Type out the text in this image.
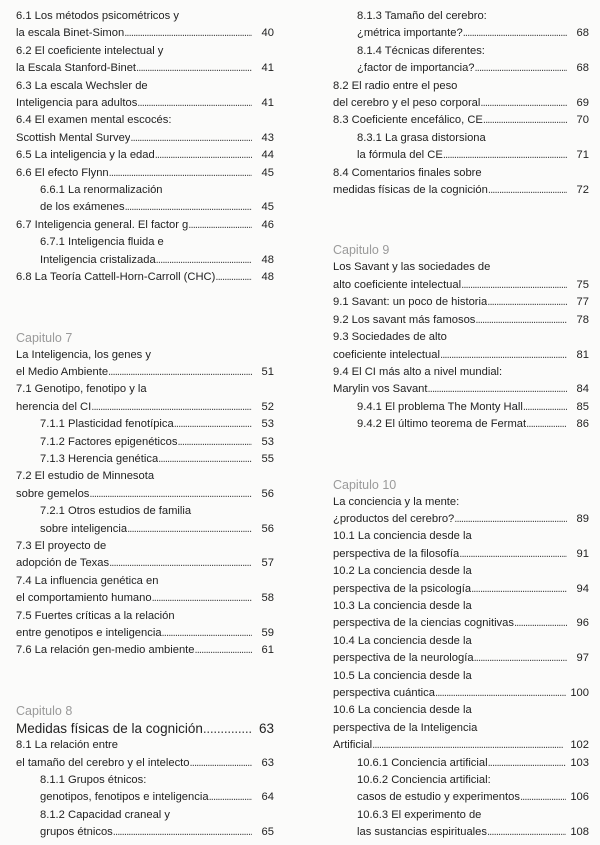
6.1 Los métodos psicométricos y
la escala Binet-Simon . . .	40
6.2 El coeficiente intelectual y
la Escala Stanford-Binet . . .	41
6.3 La escala Wechsler de
Inteligencia para adultos . . .	41
6.4 El examen mental escocés:
Scottish Mental Survey . . .	43
6.5 La inteligencia y la edad . . .	44
6.6 El efecto Flynn . . .	45
6.6.1 La renormalización
de los exámenes . . .	45
6.7 Inteligencia general. El factor g . . .	46
6.7.1 Inteligencia fluida e
Inteligencia cristalizada . . .	48
6.8 La Teoría Cattell-Horn-Carroll (CHC) . . .	48
Capitulo 7
La Inteligencia, los genes y
el Medio Ambiente . . .	51
7.1 Genotipo, fenotipo y la
herencia del CI . . .	52
7.1.1 Plasticidad fenotípica . . .	53
7.1.2 Factores epigenéticos . . .	53
7.1.3 Herencia genética . . .	55
7.2 El estudio de Minnesota
sobre gemelos . . .	56
7.2.1 Otros estudios de familia
sobre inteligencia . . .	56
7.3 El proyecto de
adopción de Texas . . .	57
7.4 La influencia genética en
el comportamiento humano . . .	58
7.5 Fuertes críticas a la relación
entre genotipos e inteligencia . . .	59
7.6 La relación gen-medio ambiente . . .	61
Capitulo 8
Medidas físicas de la cognición . . .	63
8.1 La relación entre
el tamaño del cerebro y el intelecto . . .	63
8.1.1 Grupos étnicos:
genotipos, fenotipos e inteligencia . . .	64
8.1.2 Capacidad craneal y
grupos étnicos . . .	65
8.1.3 Tamaño del cerebro:
¿métrica importante? . . .	68
8.1.4 Técnicas diferentes:
¿factor de importancia? . . .	68
8.2 El radio entre el peso
del cerebro y el peso corporal . . .	69
8.3 Coeficiente encefálico, CE . . .	70
8.3.1 La grasa distorsiona
la fórmula del CE . . .	71
8.4 Comentarios finales sobre
medidas físicas de la cognición . . .	72
Capitulo 9
Los Savant y las sociedades de
alto coeficiente intelectual . . .	75
9.1 Savant: un poco de historia . . .	77
9.2 Los savant más famosos . . .	78
9.3 Sociedades de alto
coeficiente intelectual . . .	81
9.4 El CI más alto a nivel mundial:
Marylin vos Savant . . .	84
9.4.1 El problema The Monty Hall . . .	85
9.4.2 El último teorema de Fermat . . .	86
Capitulo 10
La conciencia y la mente:
¿productos del cerebro? . . .	89
10.1 La conciencia desde la
perspectiva de la filosofía . . .	91
10.2 La conciencia desde la
perspectiva de la psicología . . .	94
10.3 La conciencia desde la
perspectiva de la ciencias cognitivas . . .	96
10.4 La conciencia desde la
perspectiva de la neurología . . .	97
10.5 La conciencia desde la
perspectiva cuántica . . .	100
10.6 La conciencia desde la
perspectiva de la Inteligencia
Artificial . . .	102
10.6.1 Conciencia artificial . . .	103
10.6.2 Conciencia artificial:
casos de estudio y experimentos . . .	106
10.6.3 El experimento de
las sustancias espirituales . . .	108
